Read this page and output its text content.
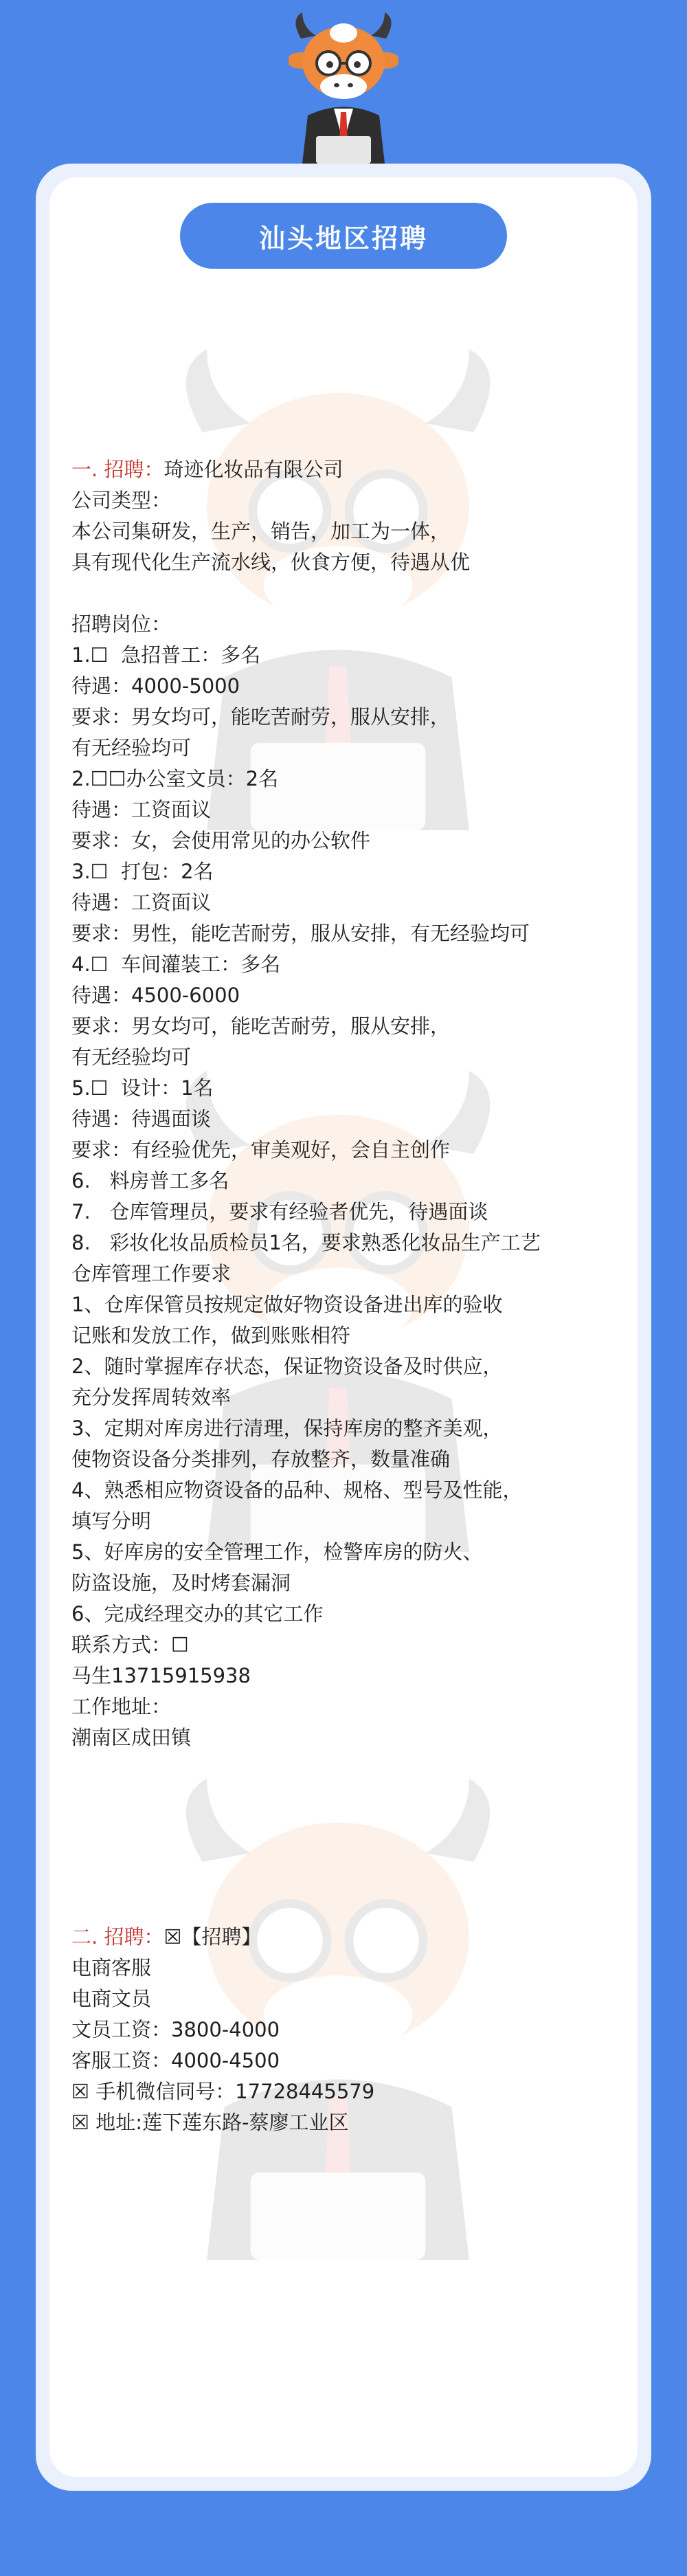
汕头地区招聘
一. 招聘：琦迹化妆品有限公司
公司类型：
本公司集研发，生产，销告，加工为一体，
具有现代化生产流水线，伙食方便，待遇从优
招聘岗位：
1.☐  急招普工：多名
待遇：4000-5000
要求：男女均可，能吃苦耐劳，服从安排，
有无经验均可
2.☐☐办公室文员：2名
待遇：工资面议
要求：女，会使用常见的办公软件
3.☐  打包：2名
待遇：工资面议
要求：男性，能吃苦耐劳，服从安排，有无经验均可
4.☐  车间灌装工：多名
待遇：4500-6000
要求：男女均可，能吃苦耐劳，服从安排，
有无经验均可
5.☐  设计：1名
待遇：待遇面谈
要求：有经验优先，审美观好，会自主创作
6.   料房普工多名
7.   仓库管理员，要求有经验者优先，待遇面谈
8.   彩妆化妆品质检员1名，要求熟悉化妆品生产工艺
仓库管理工作要求
1、仓库保管员按规定做好物资设备进出库的验收
记账和发放工作，做到账账相符
2、随时掌握库存状态，保证物资设备及时供应，
充分发挥周转效率
3、定期对库房进行清理，保持库房的整齐美观，
使物资设备分类排列，存放整齐，数量准确
4、熟悉相应物资设备的品种、规格、型号及性能，
填写分明
5、好库房的安全管理工作，检警库房的防火、
防盗设施，及时烤套漏洞
6、完成经理交办的其它工作
联系方式：☐
马生13715915938
工作地址：
潮南区成田镇
二. 招聘：☒【招聘】
电商客服
电商文员
文员工资：3800-4000
客服工资：4000-4500
☒ 手机微信同号：17728445579
☒ 地址:莲下莲东路-蔡廖工业区
